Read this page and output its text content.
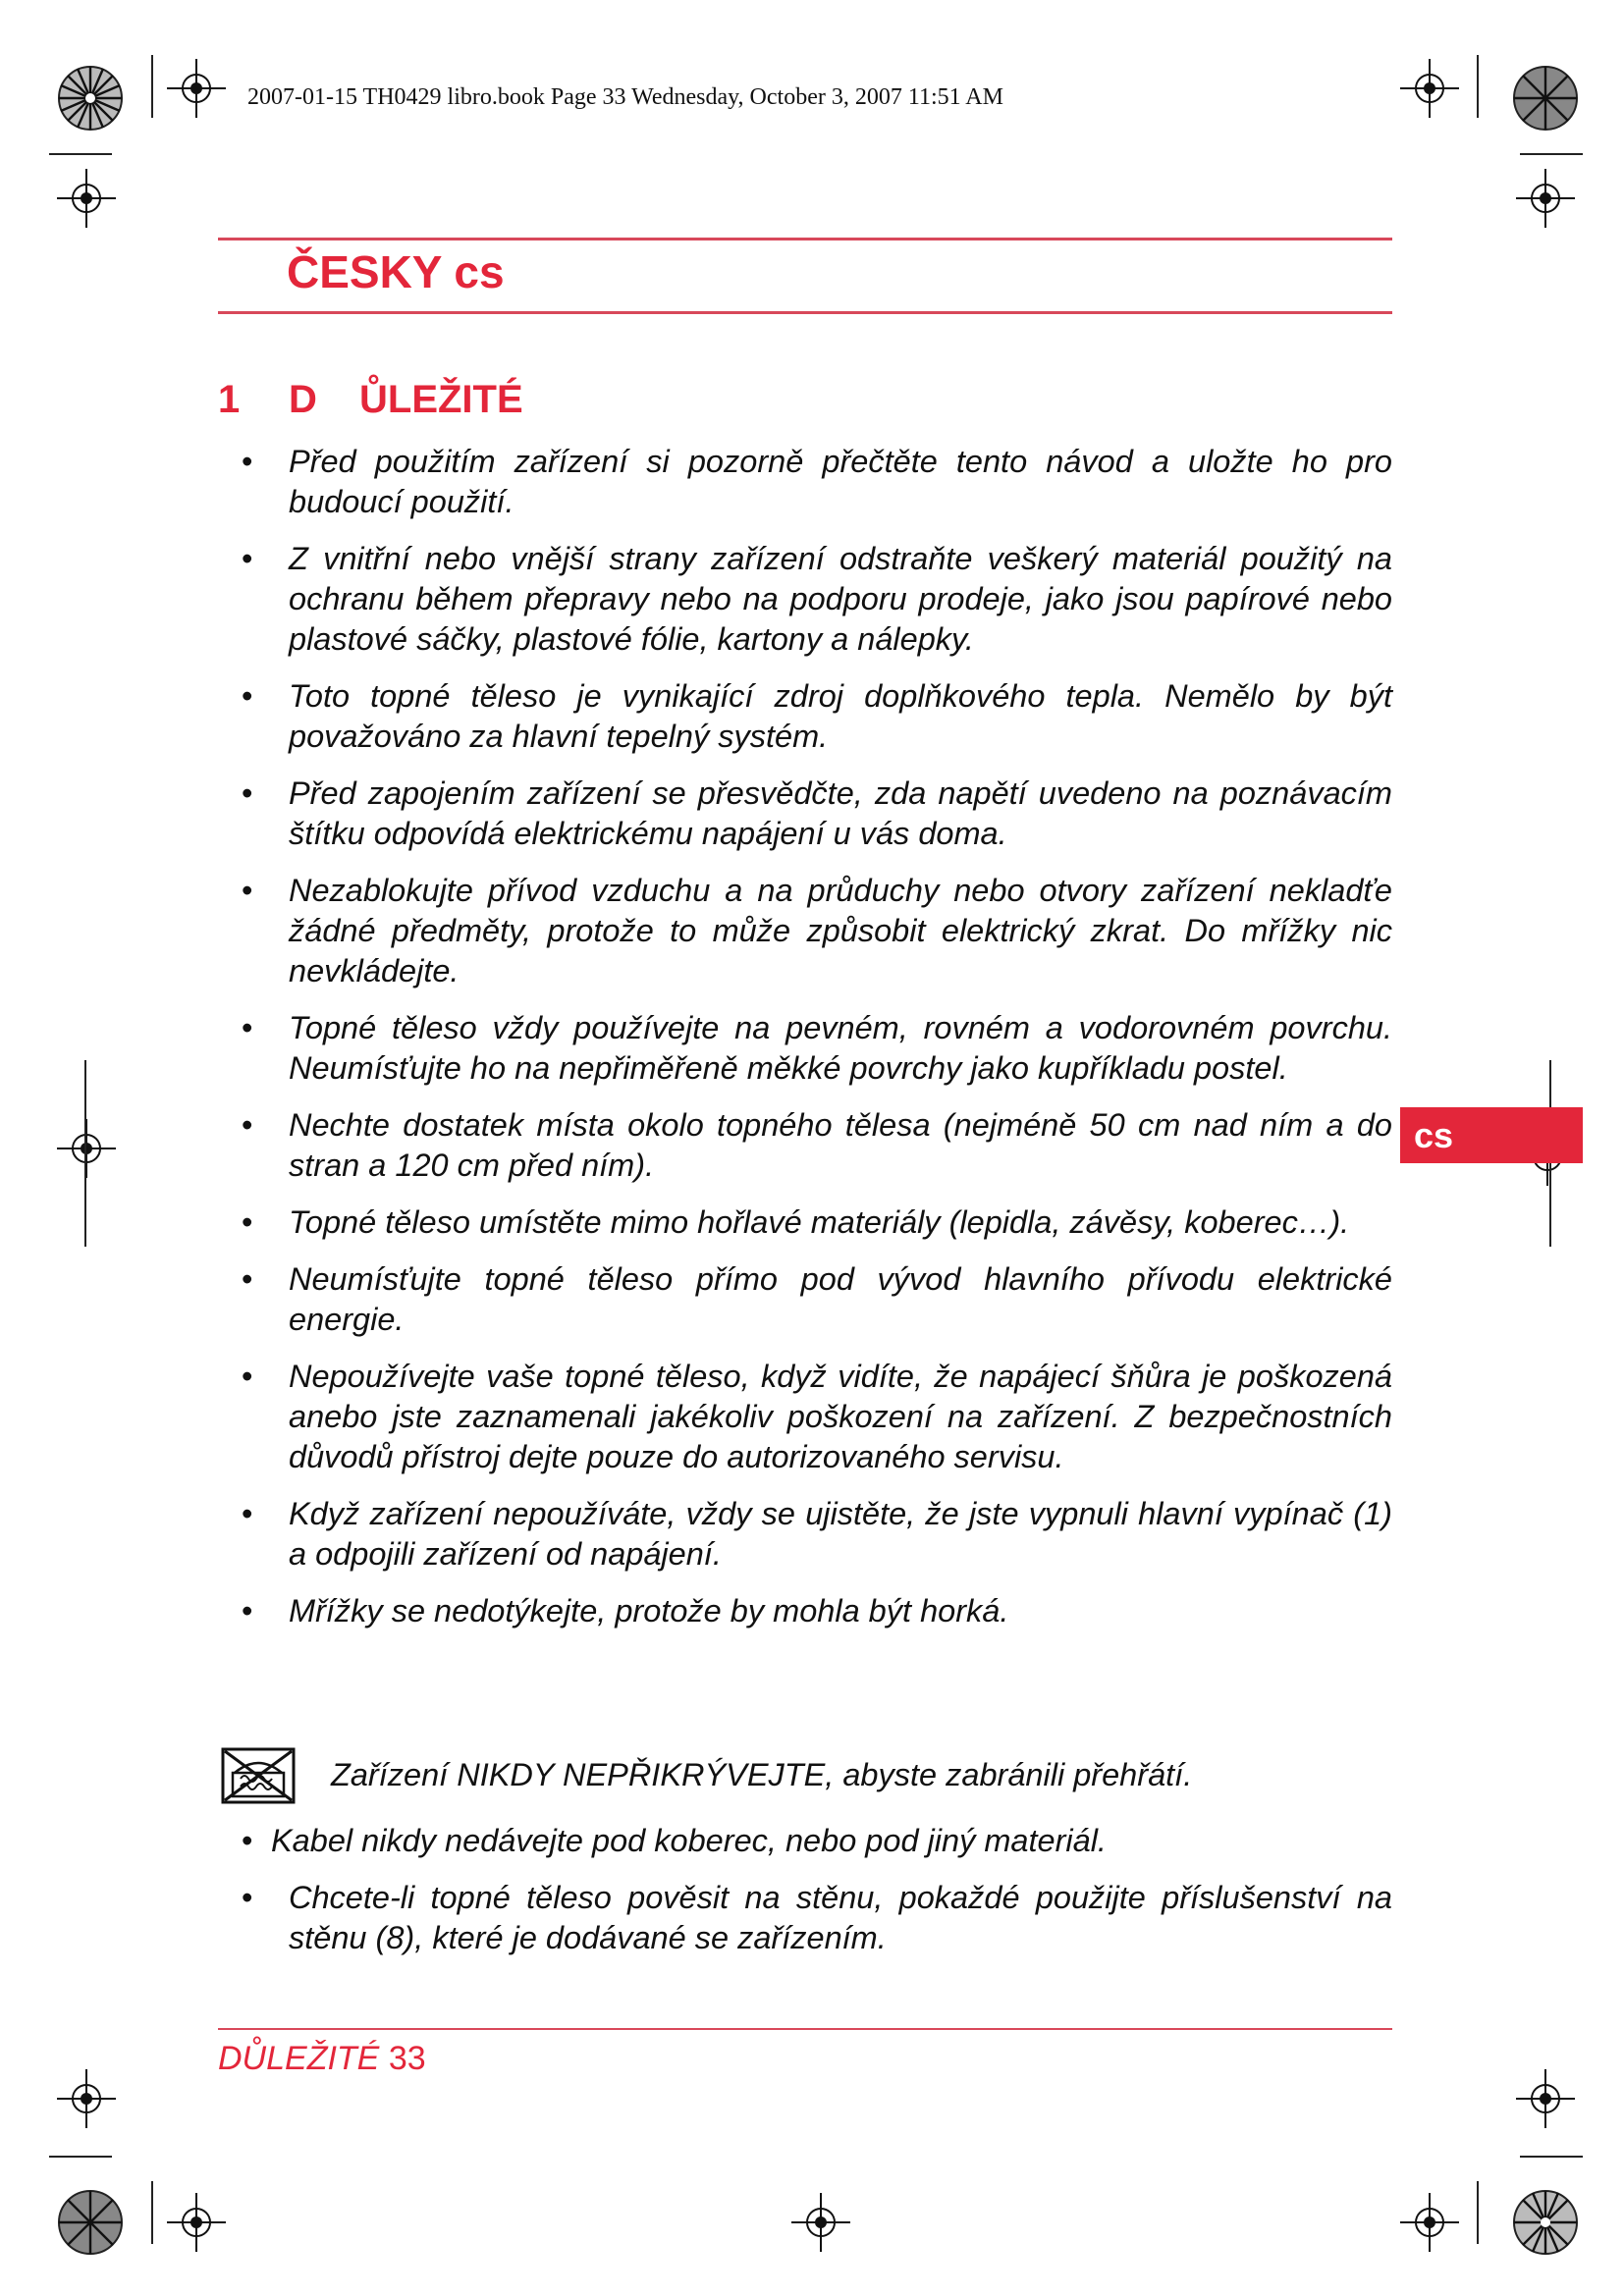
2007-01-15 TH0429 libro.book Page 33 Wednesday, October 3, 2007 11:51 AM
ČESKY cs
1 D ŮLEŽITÉ
• Před použitím zařízení si pozorně přečtěte tento návod a uložte ho pro budoucí použití.
• Z vnitřní nebo vnější strany zařízení odstraňte veškerý materiál použitý na ochranu během přepravy nebo na podporu prodeje, jako jsou papírové nebo plastové sáčky, plastové fólie, kartony a nálepky.
• Toto topné těleso je vynikající zdroj doplňkového tepla. Nemělo by být považováno za hlavní tepelný systém.
• Před zapojením zařízení se přesvědčte, zda napětí uvedeno na poznávacím štítku odpovídá elektrickému napájení u vás doma.
• Nezablokujte přívod vzduchu a na průduchy nebo otvory zařízení nekladťe žádné předměty, protože to může způsobit elektrický zkrat. Do mřížky nic nevkládejte.
• Topné těleso vždy používejte na pevném, rovném a vodorovném povrchu. Neumísťujte ho na nepřiměřeně měkké povrchy jako kupříkladu postel.
• Nechte dostatek místa okolo topného tělesa (nejméně 50 cm nad ním a do stran a 120 cm před ním).
• Topné těleso umístěte mimo hořlavé materiály (lepidla, závěsy, koberec…).
• Neumísťujte topné těleso přímo pod vývod hlavního přívodu elektrické energie.
• Nepoužívejte vaše topné těleso, když vidíte, že napájecí šňůra je poškozená anebo jste zaznamenali jakékoliv poškození na zařízení. Z bezpečnostních důvodů přístroj dejte pouze do autorizovaného servisu.
• Když zařízení nepoužíváte, vždy se ujistěte, že jste vypnuli hlavní vypínač (1) a odpojili zařízení od napájení.
• Mřížky se nedotýkejte, protože by mohla být horká.
Zařízení NIKDY NEPŘIKRÝVEJTE, abyste zabránili přehřátí.
• Kabel nikdy nedávejte pod koberec, nebo pod jiný materiál.
• Chcete-li topné těleso pověsit na stěnu, pokaždé použijte příslušenství na stěnu (8), které je dodávané se zařízením.
cs
DŮLEŽITÉ 33
